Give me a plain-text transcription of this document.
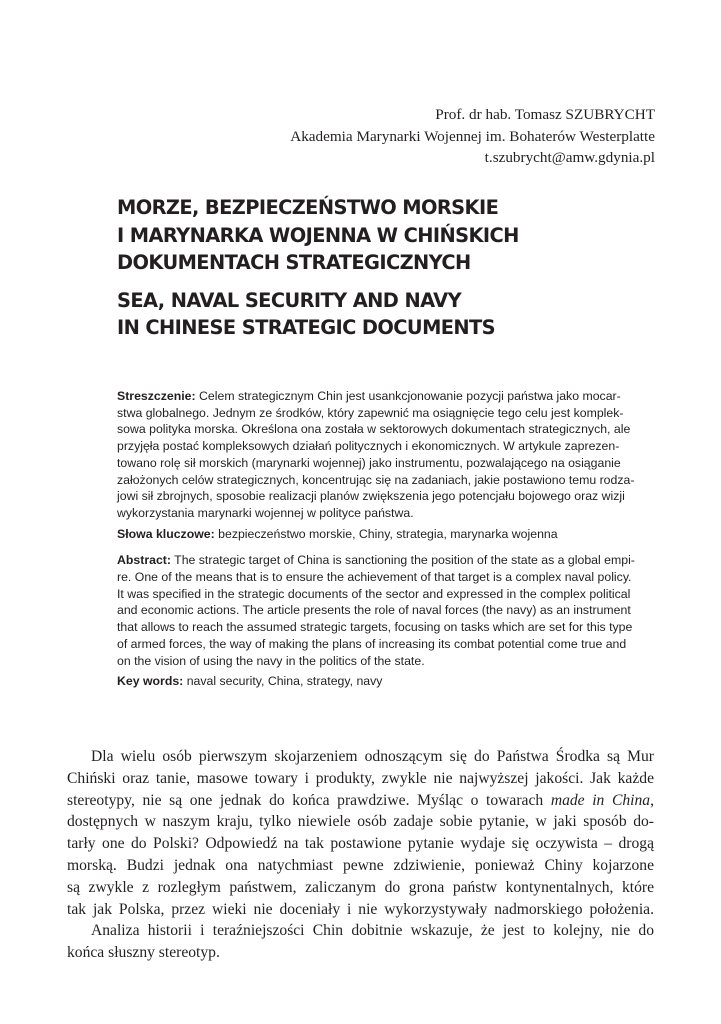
Prof. dr hab. Tomasz SZUBRYCHT
Akademia Marynarki Wojennej im. Bohaterów Westerplatte
t.szubrycht@amw.gdynia.pl
MORZE, BEZPIECZEŃSTWO MORSKIE
I MARYNARKA WOJENNA W CHIŃSKICH
DOKUMENTACH STRATEGICZNYCH
SEA, NAVAL SECURITY AND NAVY
IN CHINESE STRATEGIC DOCUMENTS
Streszczenie: Celem strategicznym Chin jest usankcjonowanie pozycji państwa jako mocar-
stwa globalnego. Jednym ze środków, który zapewnić ma osiągnięcie tego celu jest komplek-
sowa polityka morska. Określona ona została w sektorowych dokumentach strategicznych, ale
przyjęła postać kompleksowych działań politycznych i ekonomicznych. W artykule zaprezen-
towano rolę sił morskich (marynarki wojennej) jako instrumentu, pozwalającego na osiąganie
założonych celów strategicznych, koncentrując się na zadaniach, jakie postawiono temu rodza-
jowi sił zbrojnych, sposobie realizacji planów zwiększenia jego potencjału bojowego oraz wizji
wykorzystania marynarki wojennej w polityce państwa.
Słowa kluczowe: bezpieczeństwo morskie, Chiny, strategia, marynarka wojenna
Abstract: The strategic target of China is sanctioning the position of the state as a global empi-
re. One of the means that is to ensure the achievement of that target is a complex naval policy.
It was specified in the strategic documents of the sector and expressed in the complex political
and economic actions. The article presents the role of naval forces (the navy) as an instrument
that allows to reach the assumed strategic targets, focusing on tasks which are set for this type
of armed forces, the way of making the plans of increasing its combat potential come true and
on the vision of using the navy in the politics of the state.
Key words: naval security, China, strategy, navy
Dla wielu osób pierwszym skojarzeniem odnoszącym się do Państwa Środka są Mur
Chiński oraz tanie, masowe towary i produkty, zwykle nie najwyższej jakości. Jak każde
stereotypy, nie są one jednak do końca prawdziwe. Myśląc o towarach made in China,
dostępnych w naszym kraju, tylko niewiele osób zadaje sobie pytanie, w jaki sposób do-
tarły one do Polski? Odpowiedź na tak postawione pytanie wydaje się oczywista – drogą
morską. Budzi jednak ona natychmiast pewne zdziwienie, ponieważ Chiny kojarzone
są zwykle z rozległym państwem, zaliczanym do grona państw kontynentalnych, które
tak jak Polska, przez wieki nie doceniały i nie wykorzystywały nadmorskiego położenia.
Analiza historii i teraźniejszości Chin dobitnie wskazuje, że jest to kolejny, nie do
końca słuszny stereotyp.
